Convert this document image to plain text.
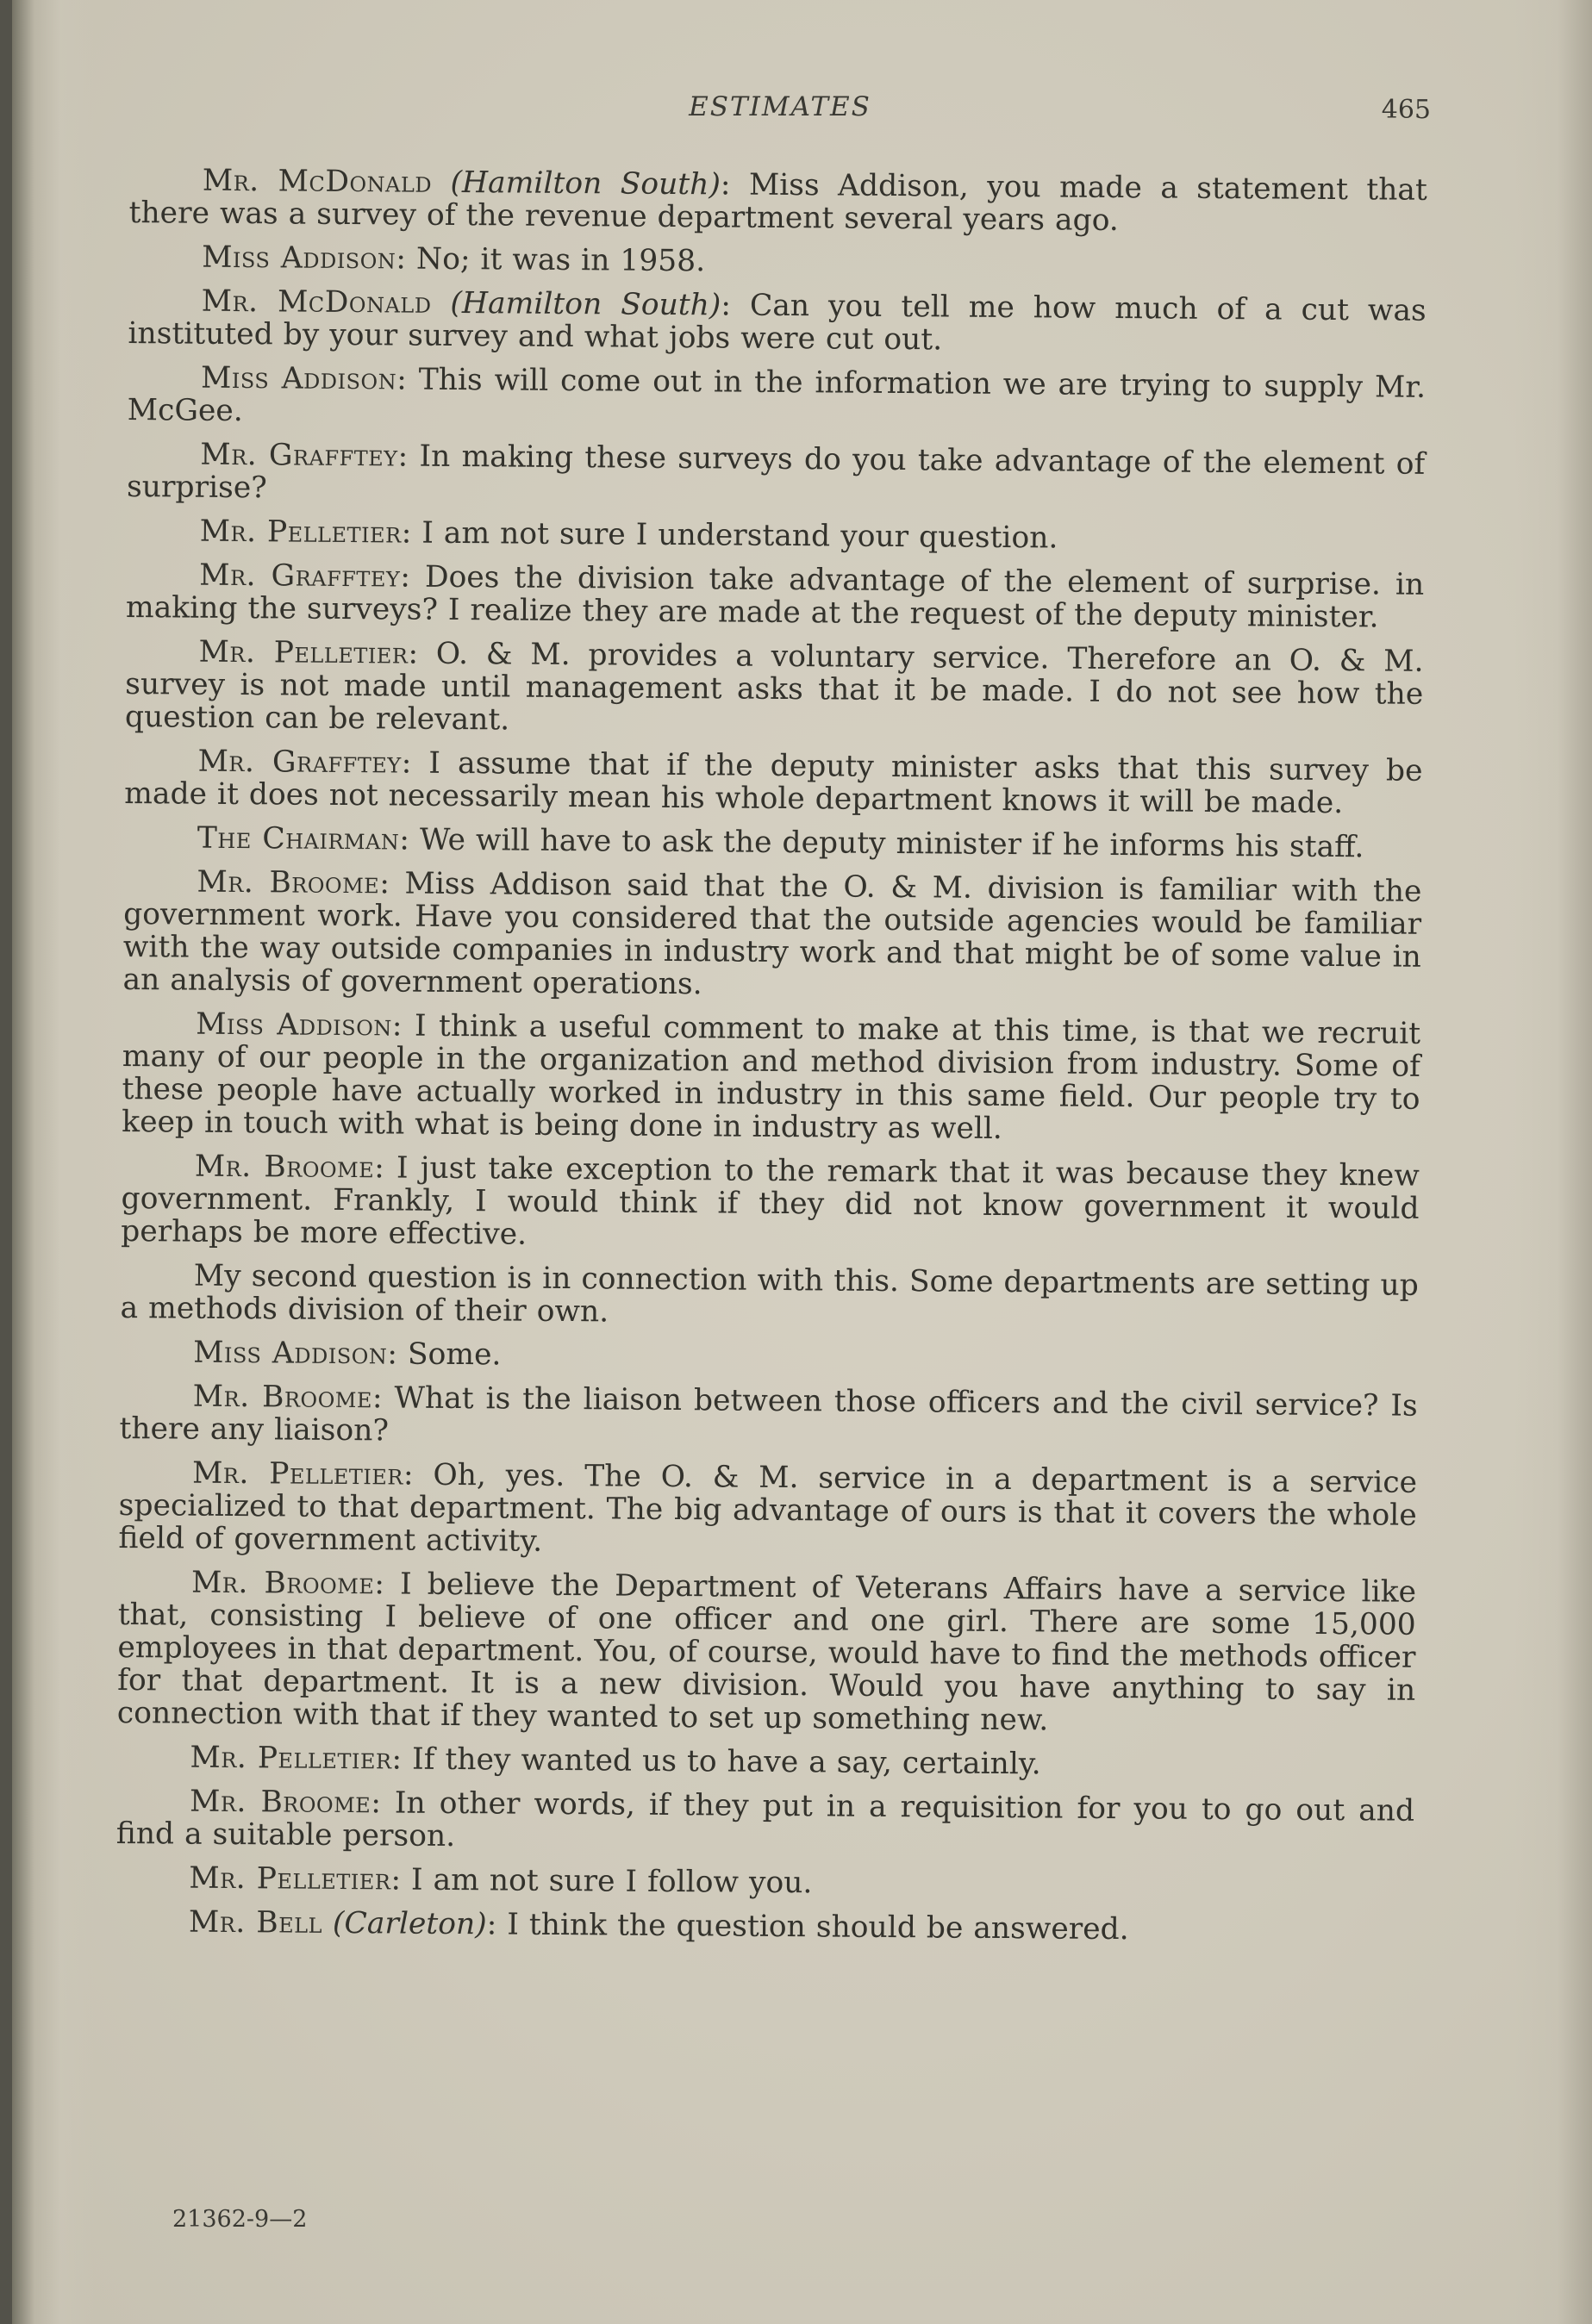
ESTIMATES	465

Mr. McDonald (Hamilton South): Miss Addison, you made a statement that there was a survey of the revenue department several years ago.

Miss Addison: No; it was in 1958.

Mr. McDonald (Hamilton South): Can you tell me how much of a cut was instituted by your survey and what jobs were cut out.

Miss Addison: This will come out in the information we are trying to supply Mr. McGee.

Mr. Grafftey: In making these surveys do you take advantage of the element of surprise?

Mr. Pelletier: I am not sure I understand your question.

Mr. Grafftey: Does the division take advantage of the element of surprise. in making the surveys? I realize they are made at the request of the deputy minister.

Mr. Pelletier: O. & M. provides a voluntary service. Therefore an O. & M. survey is not made until management asks that it be made. I do not see how the question can be relevant.

Mr. Grafftey: I assume that if the deputy minister asks that this survey be made it does not necessarily mean his whole department knows it will be made.

The Chairman: We will have to ask the deputy minister if he informs his staff.

Mr. Broome: Miss Addison said that the O. & M. division is familiar with the government work. Have you considered that the outside agencies would be familiar with the way outside companies in industry work and that might be of some value in an analysis of government operations.

Miss Addison: I think a useful comment to make at this time, is that we recruit many of our people in the organization and method division from industry. Some of these people have actually worked in industry in this same field. Our people try to keep in touch with what is being done in industry as well.

Mr. Broome: I just take exception to the remark that it was because they knew government. Frankly, I would think if they did not know government it would perhaps be more effective.

My second question is in connection with this. Some departments are setting up a methods division of their own.

Miss Addison: Some.

Mr. Broome: What is the liaison between those officers and the civil service? Is there any liaison?

Mr. Pelletier: Oh, yes. The O. & M. service in a department is a service specialized to that department. The big advantage of ours is that it covers the whole field of government activity.

Mr. Broome: I believe the Department of Veterans Affairs have a service like that, consisting I believe of one officer and one girl. There are some 15,000 employees in that department. You, of course, would have to find the methods officer for that department. It is a new division. Would you have anything to say in connection with that if they wanted to set up something new.

Mr. Pelletier: If they wanted us to have a say, certainly.

Mr. Broome: In other words, if they put in a requisition for you to go out and find a suitable person.

Mr. Pelletier: I am not sure I follow you.

Mr. Bell (Carleton): I think the question should be answered.

21362-9—2
